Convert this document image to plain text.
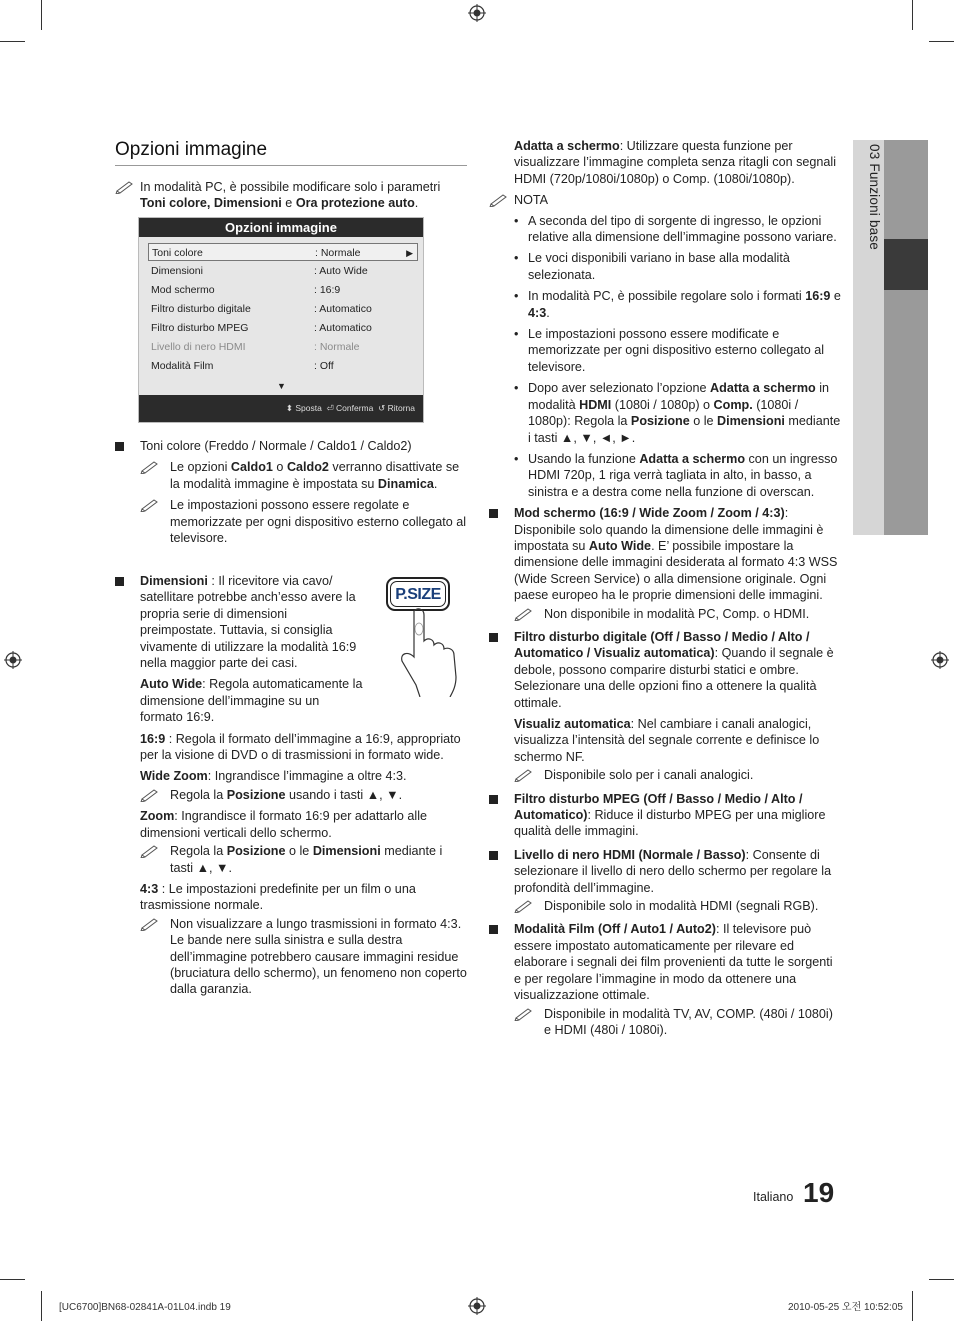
03 Funzioni base
Opzioni immagine
In modalità PC, è possibile modificare solo i parametri Toni colore, Dimensioni e Ora protezione auto.
Opzioni immagine
Toni colore	: Normale	▶
Dimensioni	: Auto Wide
Mod schermo	: 16:9
Filtro disturbo digitale	: Automatico
Filtro disturbo MPEG	: Automatico
Livello di nero HDMI	: Normale
Modalità Film	: Off
▼
⬍ Sposta ⏎ Conferma ↺ Ritorna
Toni colore (Freddo / Normale / Caldo1 / Caldo2)
Le opzioni Caldo1 o Caldo2 verranno disattivate se la modalità immagine è impostata su Dinamica.
Le impostazioni possono essere regolate e memorizzate per ogni dispositivo esterno collegato al televisore.
Dimensioni : Il ricevitore via cavo/ satellitare potrebbe anch’esso avere la propria serie di dimensioni preimpostate. Tuttavia, si consiglia vivamente di utilizzare la modalità 16:9 nella maggior parte dei casi.
Auto Wide: Regola automaticamente la dimensione dell’immagine su un formato 16:9.
16:9 : Regola il formato dell’immagine a 16:9, appropriato per la visione di DVD o di trasmissioni in formato wide.
Wide Zoom: Ingrandisce l’immagine a oltre 4:3.
Regola la Posizione usando i tasti ▲, ▼.
Zoom: Ingrandisce il formato 16:9 per adattarlo alle dimensioni verticali dello schermo.
Regola la Posizione o le Dimensioni mediante i tasti ▲, ▼.
4:3 : Le impostazioni predefinite per un film o una trasmissione normale.
Non visualizzare a lungo trasmissioni in formato 4:3. Le bande nere sulla sinistra e sulla destra dell’immagine potrebbero causare immagini residue (bruciatura dello schermo), un fenomeno non coperto dalla garanzia.
P.SIZE
Adatta a schermo: Utilizzare questa funzione per visualizzare l’immagine completa senza ritagli con segnali HDMI (720p/1080i/1080p) o Comp. (1080i/1080p).
NOTA
• A seconda del tipo di sorgente di ingresso, le opzioni relative alla dimensione dell’immagine possono variare.
• Le voci disponibili variano in base alla modalità selezionata.
• In modalità PC, è possibile regolare solo i formati 16:9 e 4:3.
• Le impostazioni possono essere modificate e memorizzate per ogni dispositivo esterno collegato al televisore.
• Dopo aver selezionato l’opzione Adatta a schermo in modalità HDMI (1080i / 1080p) o Comp. (1080i / 1080p): Regola la Posizione o le Dimensioni mediante i tasti ▲, ▼, ◄, ►.
• Usando la funzione Adatta a schermo con un ingresso HDMI 720p, 1 riga verrà tagliata in alto, in basso, a sinistra e a destra come nella funzione di overscan.
Mod schermo (16:9 / Wide Zoom / Zoom / 4:3): Disponibile solo quando la dimensione delle immagini è impostata su Auto Wide. E’ possibile impostare la dimensione delle immagini desiderata al formato 4:3 WSS (Wide Screen Service) o alla dimensione originale. Ogni paese europeo ha le proprie dimensioni delle immagini.
Non disponibile in modalità PC, Comp. o HDMI.
Filtro disturbo digitale (Off / Basso / Medio / Alto / Automatico / Visualiz automatica): Quando il segnale è debole, possono comparire disturbi statici e ombre. Selezionare una delle opzioni fino a ottenere la qualità ottimale.
Visualiz automatica: Nel cambiare i canali analogici, visualizza l’intensità del segnale corrente e definisce lo schermo NF.
Disponibile solo per i canali analogici.
Filtro disturbo MPEG (Off / Basso / Medio / Alto / Automatico): Riduce il disturbo MPEG per una migliore qualità delle immagini.
Livello di nero HDMI (Normale / Basso): Consente di selezionare il livello di nero dello schermo per regolare la profondità dell’immagine.
Disponibile solo in modalità HDMI (segnali RGB).
Modalità Film (Off / Auto1 / Auto2): Il televisore può essere impostato automaticamente per rilevare ed elaborare i segnali dei film provenienti da tutte le sorgenti e per regolare l’immagine in modo da ottenere una visualizzazione ottimale.
Disponibile in modalità TV, AV, COMP. (480i / 1080i) e HDMI (480i / 1080i).
Italiano 19
[UC6700]BN68-02841A-01L04.indb 19	2010-05-25 오전 10:52:05
